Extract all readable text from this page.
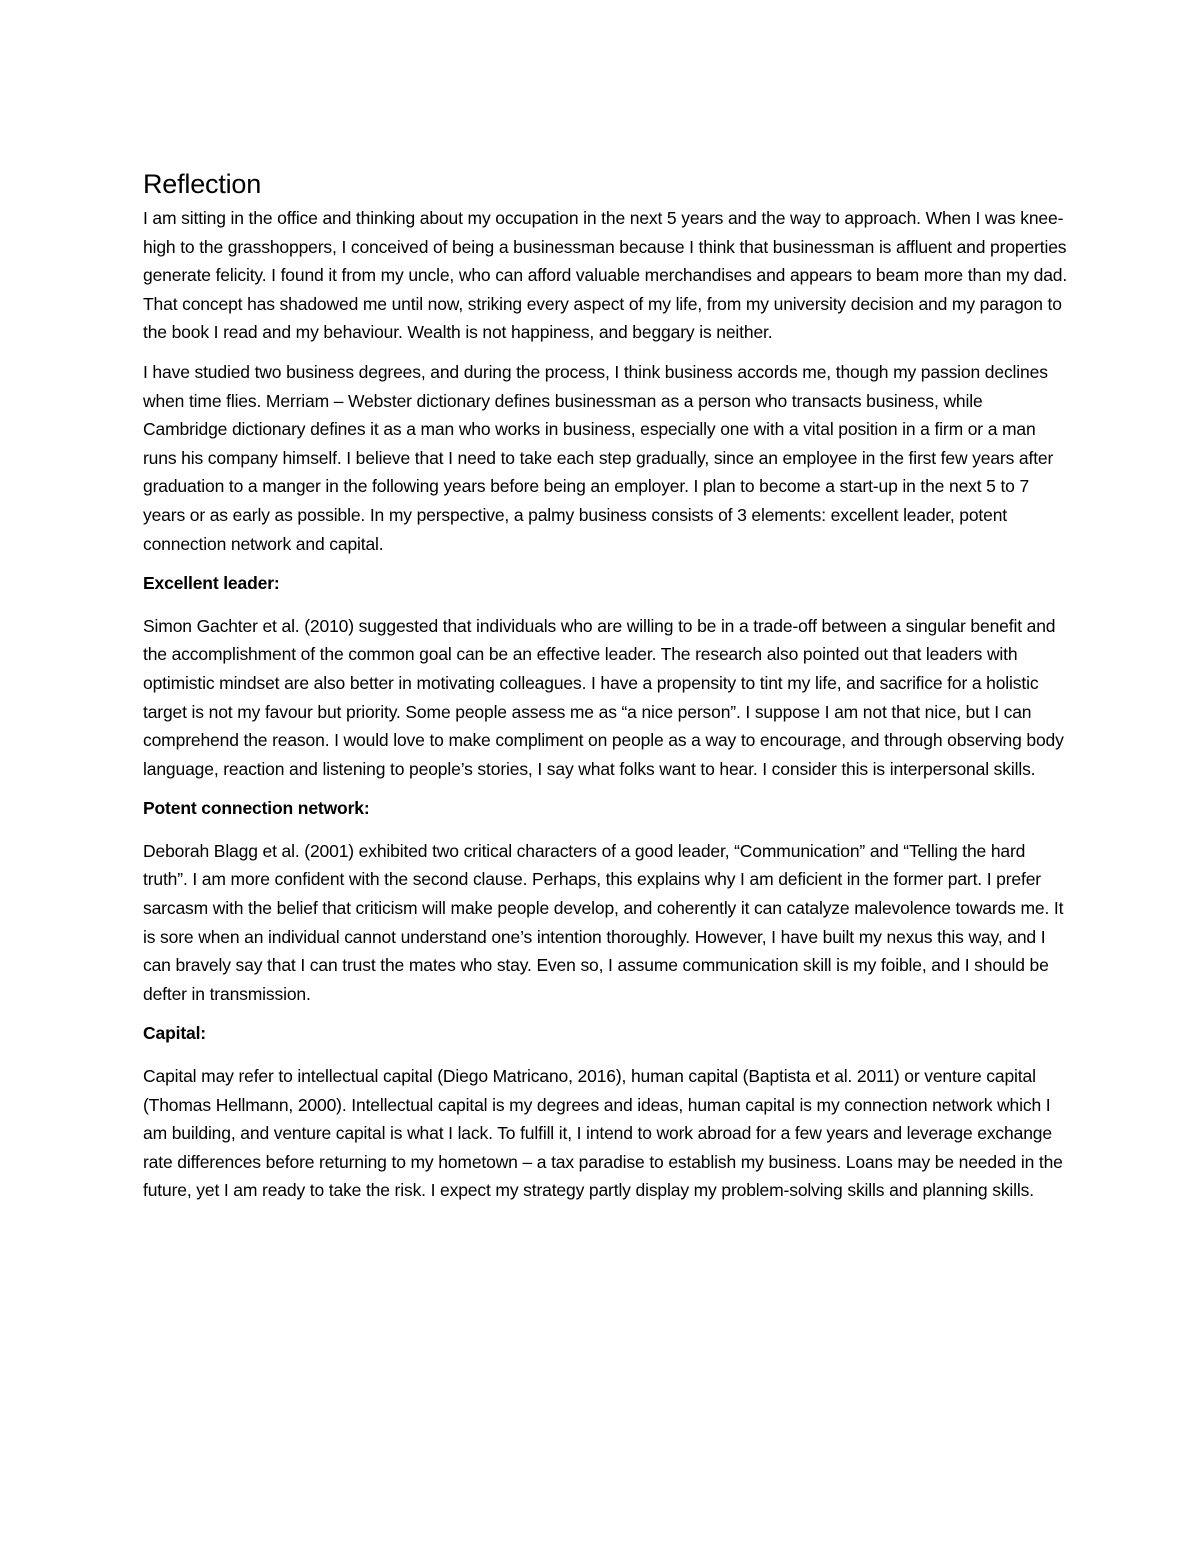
Reflection

I am sitting in the office and thinking about my occupation in the next 5 years and the way to approach. When I was knee-high to the grasshoppers, I conceived of being a businessman because I think that businessman is affluent and properties generate felicity. I found it from my uncle, who can afford valuable merchandises and appears to beam more than my dad. That concept has shadowed me until now, striking every aspect of my life, from my university decision and my paragon to the book I read and my behaviour. Wealth is not happiness, and beggary is neither.

I have studied two business degrees, and during the process, I think business accords me, though my passion declines when time flies. Merriam – Webster dictionary defines businessman as a person who transacts business, while Cambridge dictionary defines it as a man who works in business, especially one with a vital position in a firm or a man runs his company himself. I believe that I need to take each step gradually, since an employee in the first few years after graduation to a manger in the following years before being an employer. I plan to become a start-up in the next 5 to 7 years or as early as possible. In my perspective, a palmy business consists of 3 elements: excellent leader, potent connection network and capital.

Excellent leader:

Simon Gachter et al. (2010) suggested that individuals who are willing to be in a trade-off between a singular benefit and the accomplishment of the common goal can be an effective leader. The research also pointed out that leaders with optimistic mindset are also better in motivating colleagues. I have a propensity to tint my life, and sacrifice for a holistic target is not my favour but priority. Some people assess me as “a nice person”. I suppose I am not that nice, but I can comprehend the reason. I would love to make compliment on people as a way to encourage, and through observing body language, reaction and listening to people’s stories, I say what folks want to hear. I consider this is interpersonal skills.

Potent connection network:

Deborah Blagg et al. (2001) exhibited two critical characters of a good leader, “Communication” and “Telling the hard truth”. I am more confident with the second clause. Perhaps, this explains why I am deficient in the former part. I prefer sarcasm with the belief that criticism will make people develop, and coherently it can catalyze malevolence towards me. It is sore when an individual cannot understand one’s intention thoroughly. However, I have built my nexus this way, and I can bravely say that I can trust the mates who stay. Even so, I assume communication skill is my foible, and I should be defter in transmission.

Capital:

Capital may refer to intellectual capital (Diego Matricano, 2016), human capital (Baptista et al. 2011) or venture capital (Thomas Hellmann, 2000). Intellectual capital is my degrees and ideas, human capital is my connection network which I am building, and venture capital is what I lack. To fulfill it, I intend to work abroad for a few years and leverage exchange rate differences before returning to my hometown – a tax paradise to establish my business. Loans may be needed in the future, yet I am ready to take the risk. I expect my strategy partly display my problem-solving skills and planning skills.
